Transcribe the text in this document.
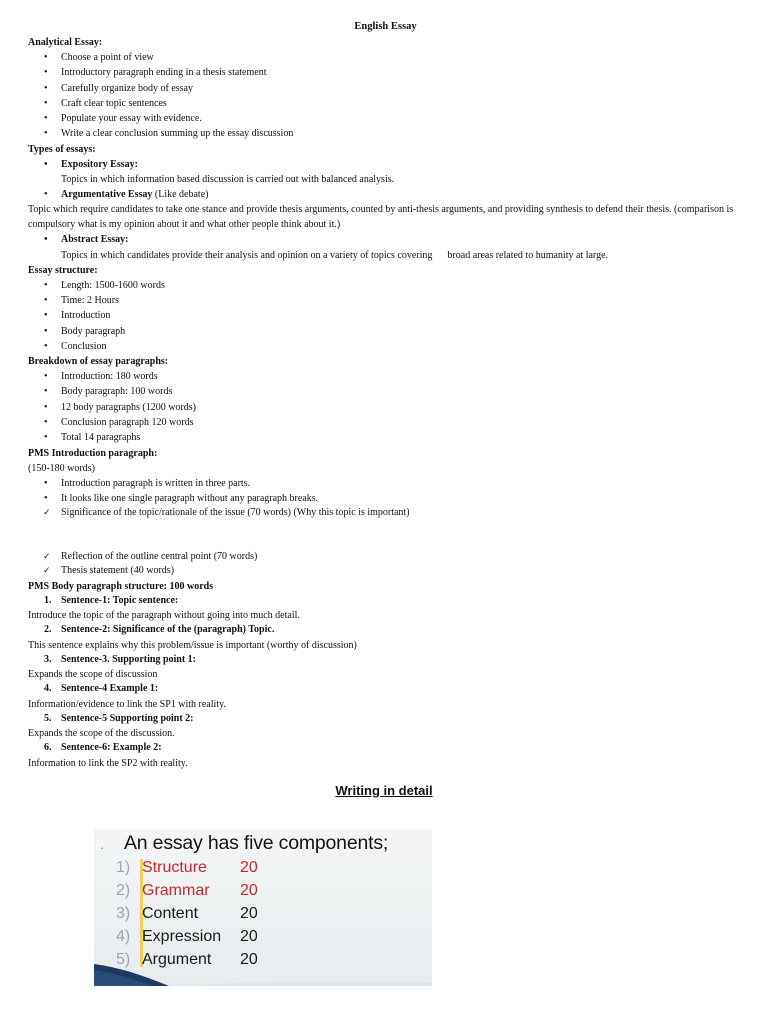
English Essay
Analytical Essay:
• Choose a point of view
• Introductory paragraph ending in a thesis statement
• Carefully organize body of essay
• Craft clear topic sentences
• Populate your essay with evidence.
• Write a clear conclusion summing up the essay discussion
Types of essays:
• Expository Essay:
Topics in which information based discussion is carried out with balanced analysis.
• Argumentative Essay (Like debate)
Topic which require candidates to take one stance and provide thesis arguments, counted by anti-thesis arguments, and providing synthesis to defend their thesis. (comparison is compulsory what is my opinion about it and what other people think about it.)
• Abstract Essay:
Topics in which candidates provide their analysis and opinion on a variety of topics covering      broad areas related to humanity at large.
Essay structure:
• Length: 1500-1600 words
• Time: 2 Hours
• Introduction
• Body paragraph
• Conclusion
Breakdown of essay paragraphs:
• Introduction: 180 words
• Body paragraph: 100 words
• 12 body paragraphs (1200 words)
• Conclusion paragraph 120 words
• Total 14 paragraphs
PMS Introduction paragraph:
(150-180 words)
• Introduction paragraph is written in three parts.
• It looks like one single paragraph without any paragraph breaks.
✓ Significance of the topic/rationale of the issue (70 words) (Why this topic is important)
✓ Reflection of the outline central point (70 words)
✓ Thesis statement (40 words)
PMS Body paragraph structure: 100 words
1. Sentence-1: Topic sentence:
Introduce the topic of the paragraph without going into much detail.
2. Sentence-2: Significance of the (paragraph) Topic.
This sentence explains why this problem/issue is important (worthy of discussion)
3. Sentence-3. Supporting point 1:
Expands the scope of discussion
4. Sentence-4 Example 1:
Information/evidence to link the SP1 with reality.
5. Sentence-5 Supporting point 2:
Expands the scope of the discussion.
6. Sentence-6: Example 2:
Information to link the SP2 with reality.
Writing in detail
· An essay has five components;
1) Structure 20
2) Grammar 20
3) Content	20
4) Expression 20
5) Argument 20
